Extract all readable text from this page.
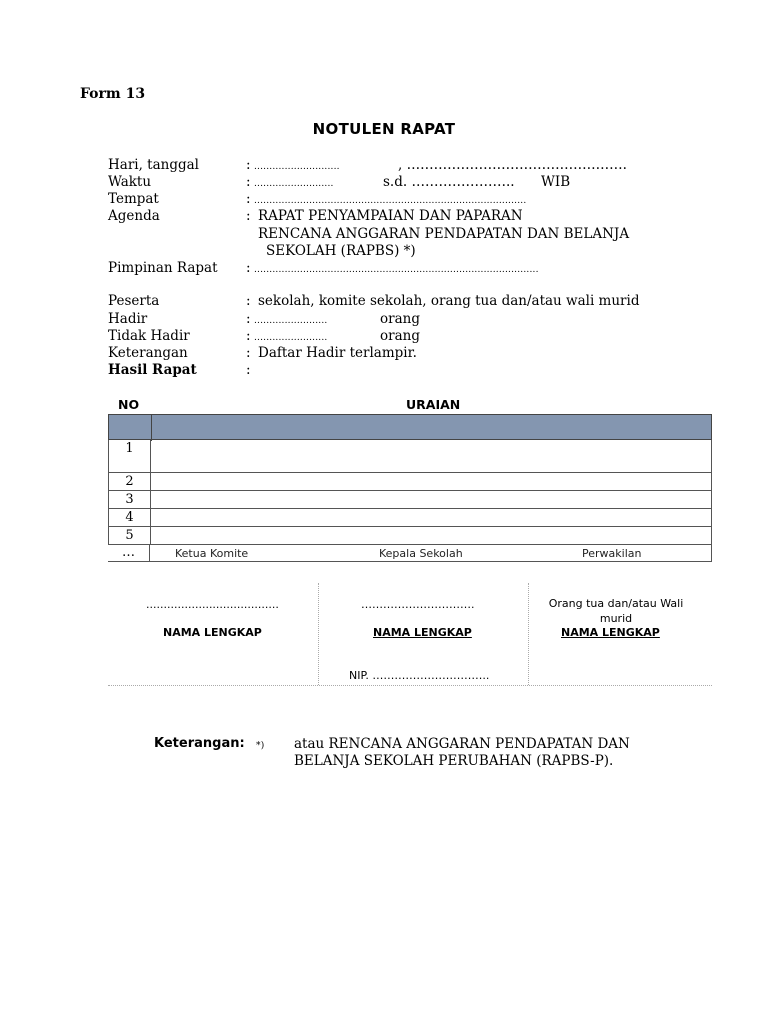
Form 13
NOTULEN RAPAT
Hari, tanggal	: ............................	, ………………………………………….
Waktu	: ..........................	s.d. ………………….. WIB
Tempat	: .........................................................................................
Agenda	: RAPAT PENYAMPAIAN DAN PAPARAN
RENCANA ANGGARAN PENDAPATAN DAN BELANJA
SEKOLAH (RAPBS) *)
Pimpinan Rapat : .............................................................................................
Peserta	: sekolah, komite sekolah, orang tua dan/atau wali murid
Hadir	: ........................	orang
Tidak Hadir	: ........................	orang
Keterangan	: Daftar Hadir terlampir.
Hasil Rapat	:
NO	URAIAN
1
2
3
4
5
…	Ketua Komite	Kepala Sekolah	Perwakilan
......................................	………………………….	Orang tua dan/atau Wali
murid
NAMA LENGKAP	NAMA LENGKAP	NAMA LENGKAP
NIP. …………………………..
Keterangan: *) atau RENCANA ANGGARAN PENDAPATAN DAN
BELANJA SEKOLAH PERUBAHAN (RAPBS-P).
